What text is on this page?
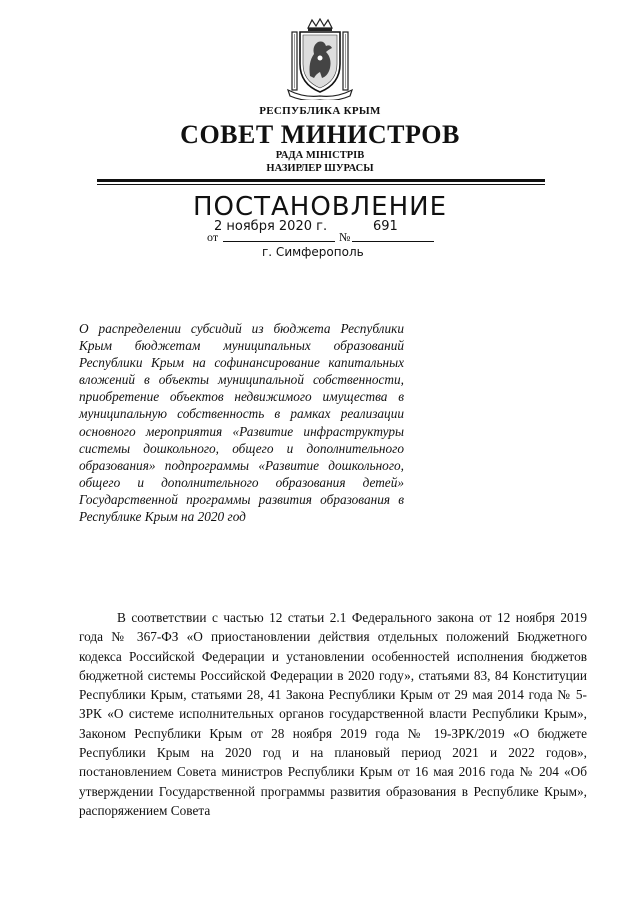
РЕСПУБЛИКА КРЫМ
СОВЕТ МИНИСТРОВ
РАДА МІНІСТРІВ
НАЗИРЛЕР ШУРАСЫ
ПОСТАНОВЛЕНИЕ
2 ноября 2020 г.	691
от	№
г. Симферополь
О распределении субсидий из бюджета Республики Крым бюджетам муниципальных образований Республики Крым на софинансирование капитальных вложений в объекты муниципальной собственности, приобретение объектов недвижимого имущества в муниципальную собственность в рамках реализации основного мероприятия «Развитие инфраструктуры системы дошкольного, общего и дополнительного образования» подпрограммы «Развитие дошкольного, общего и дополнительного образования детей» Государственной программы развития образования в Республике Крым на 2020 год
В соответствии с частью 12 статьи 2.1 Федерального закона от 12 ноября 2019 года № 367-ФЗ «О приостановлении действия отдельных положений Бюджетного кодекса Российской Федерации и установлении особенностей исполнения бюджетов бюджетной системы Российской Федерации в 2020 году», статьями 83, 84 Конституции Республики Крым, статьями 28, 41 Закона Республики Крым от 29 мая 2014 года № 5-ЗРК «О системе исполнительных органов государственной власти Республики Крым», Законом Республики Крым от 28 ноября 2019 года № 19-ЗРК/2019 «О бюджете Республики Крым на 2020 год и на плановый период 2021 и 2022 годов», постановлением Совета министров Республики Крым от 16 мая 2016 года № 204 «Об утверждении Государственной программы развития образования в Республике Крым», распоряжением Совета
